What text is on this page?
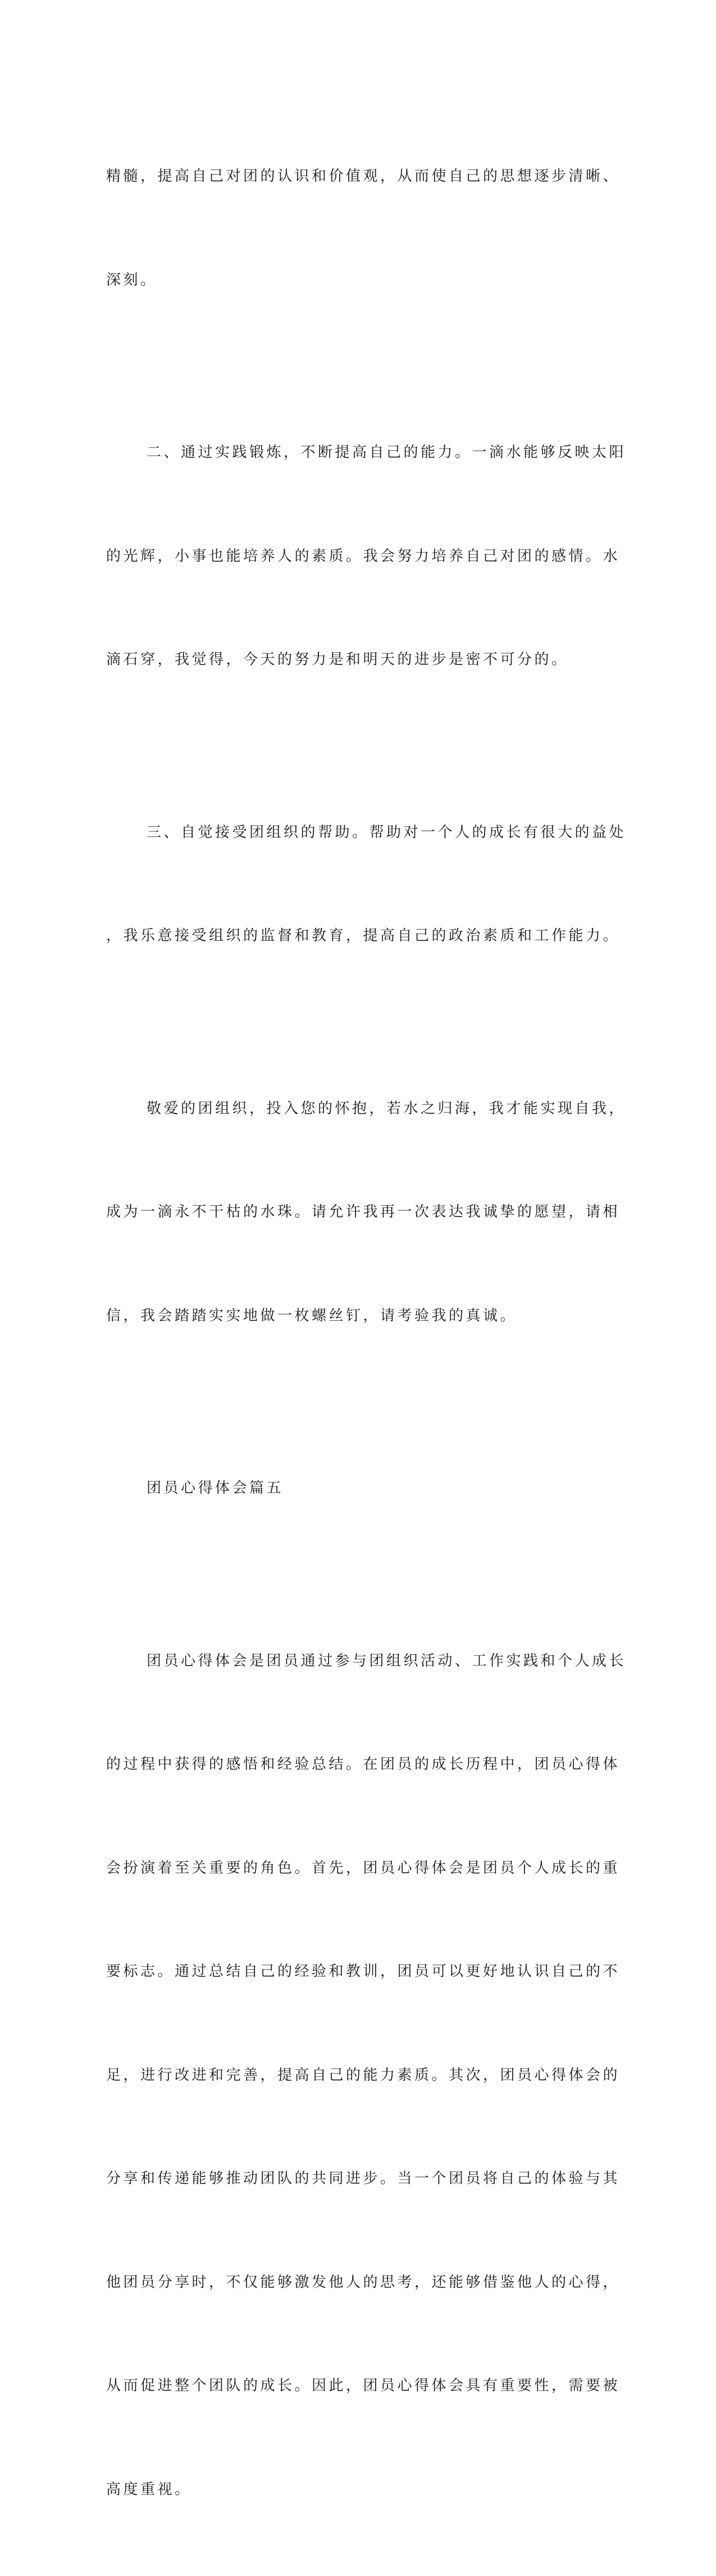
精髓，提高自己对团的认识和价值观，从而使自己的思想逐步清晰、

深刻。

二、通过实践锻炼，不断提高自己的能力。一滴水能够反映太阳

的光辉，小事也能培养人的素质。我会努力培养自己对团的感情。水

滴石穿，我觉得，今天的努力是和明天的进步是密不可分的。

三、自觉接受团组织的帮助。帮助对一个人的成长有很大的益处

，我乐意接受组织的监督和教育，提高自己的政治素质和工作能力。

敬爱的团组织，投入您的怀抱，若水之归海，我才能实现自我，

成为一滴永不干枯的水珠。请允许我再一次表达我诚挚的愿望，请相

信，我会踏踏实实地做一枚螺丝钉，请考验我的真诚。

团员心得体会篇五

团员心得体会是团员通过参与团组织活动、工作实践和个人成长

的过程中获得的感悟和经验总结。在团员的成长历程中，团员心得体

会扮演着至关重要的角色。首先，团员心得体会是团员个人成长的重

要标志。通过总结自己的经验和教训，团员可以更好地认识自己的不

足，进行改进和完善，提高自己的能力素质。其次，团员心得体会的

分享和传递能够推动团队的共同进步。当一个团员将自己的体验与其

他团员分享时，不仅能够激发他人的思考，还能够借鉴他人的心得，

从而促进整个团队的成长。因此，团员心得体会具有重要性，需要被

高度重视。
